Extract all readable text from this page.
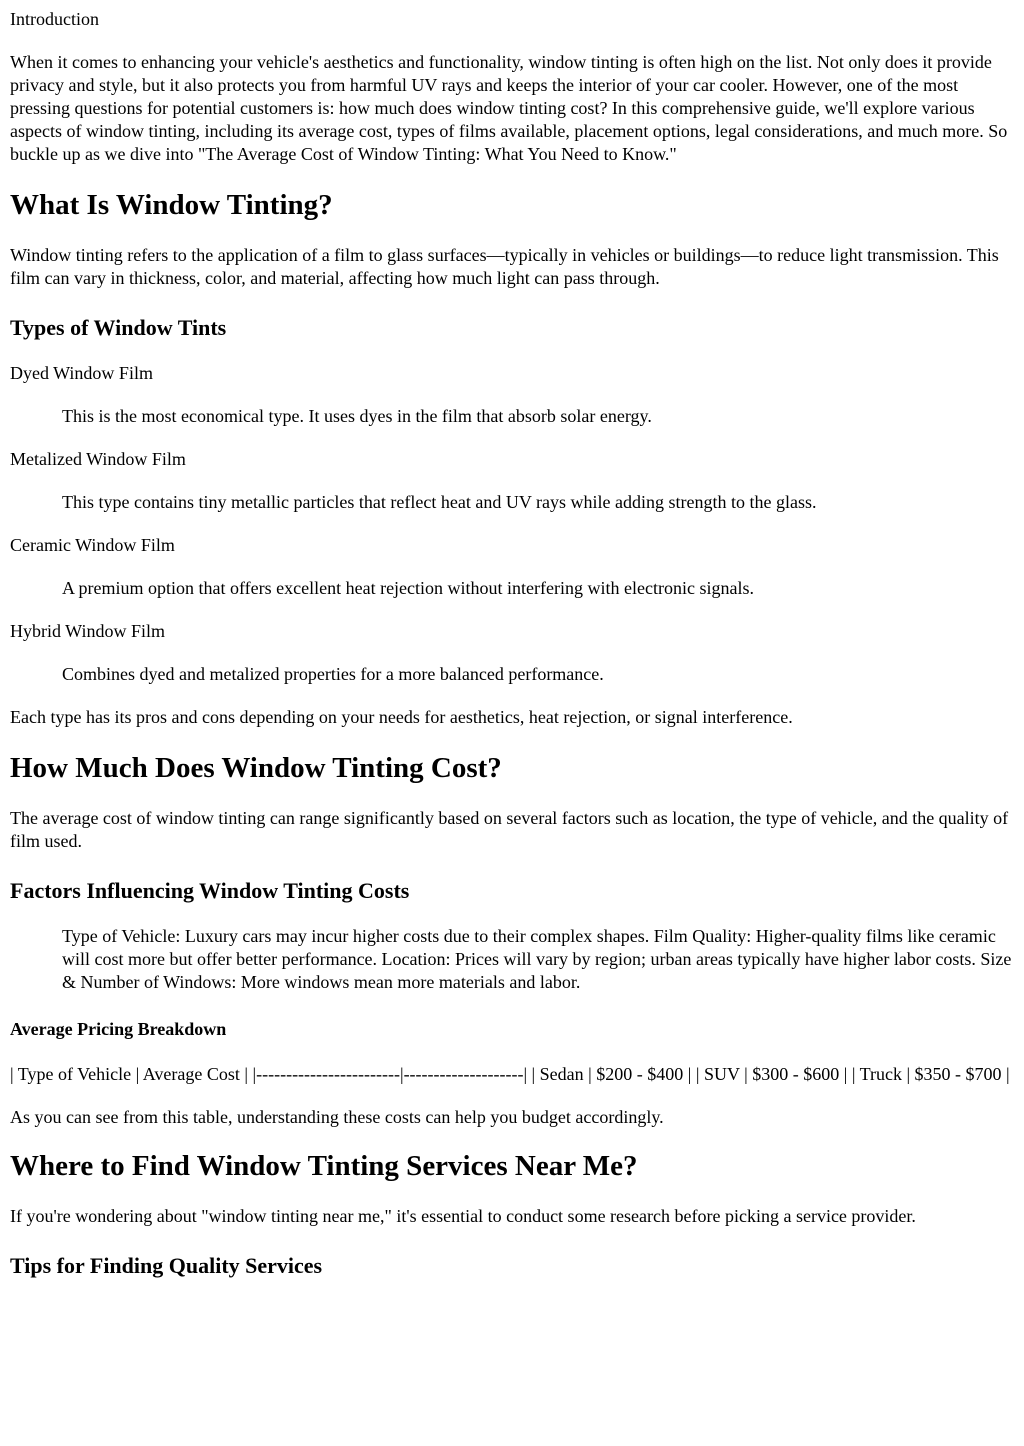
Introduction

When it comes to enhancing your vehicle's aesthetics and functionality, window tinting is often high on the list. Not only does it provide privacy and style, but it also protects you from harmful UV rays and keeps the interior of your car cooler. However, one of the most pressing questions for potential customers is: how much does window tinting cost? In this comprehensive guide, we'll explore various aspects of window tinting, including its average cost, types of films available, placement options, legal considerations, and much more. So buckle up as we dive into "The Average Cost of Window Tinting: What You Need to Know."

What Is Window Tinting?

Window tinting refers to the application of a film to glass surfaces—typically in vehicles or buildings—to reduce light transmission. This film can vary in thickness, color, and material, affecting how much light can pass through.

Types of Window Tints

Dyed Window Film

This is the most economical type. It uses dyes in the film that absorb solar energy.

Metalized Window Film

This type contains tiny metallic particles that reflect heat and UV rays while adding strength to the glass.

Ceramic Window Film

A premium option that offers excellent heat rejection without interfering with electronic signals.

Hybrid Window Film

Combines dyed and metalized properties for a more balanced performance.

Each type has its pros and cons depending on your needs for aesthetics, heat rejection, or signal interference.

How Much Does Window Tinting Cost?

The average cost of window tinting can range significantly based on several factors such as location, the type of vehicle, and the quality of film used.

Factors Influencing Window Tinting Costs
Type of Vehicle: Luxury cars may incur higher costs due to their complex shapes. Film Quality: Higher-quality films like ceramic will cost more but offer better performance. Location: Prices will vary by region; urban areas typically have higher labor costs. Size & Number of Windows: More windows mean more materials and labor.
Average Pricing Breakdown

| Type of Vehicle | Average Cost | |------------------------|--------------------| | Sedan | $200 - $400 | | SUV | $300 - $600 | | Truck | $350 - $700 |

As you can see from this table, understanding these costs can help you budget accordingly.

Where to Find Window Tinting Services Near Me?

If you're wondering about "window tinting near me," it's essential to conduct some research before picking a service provider.

Tips for Finding Quality Services
